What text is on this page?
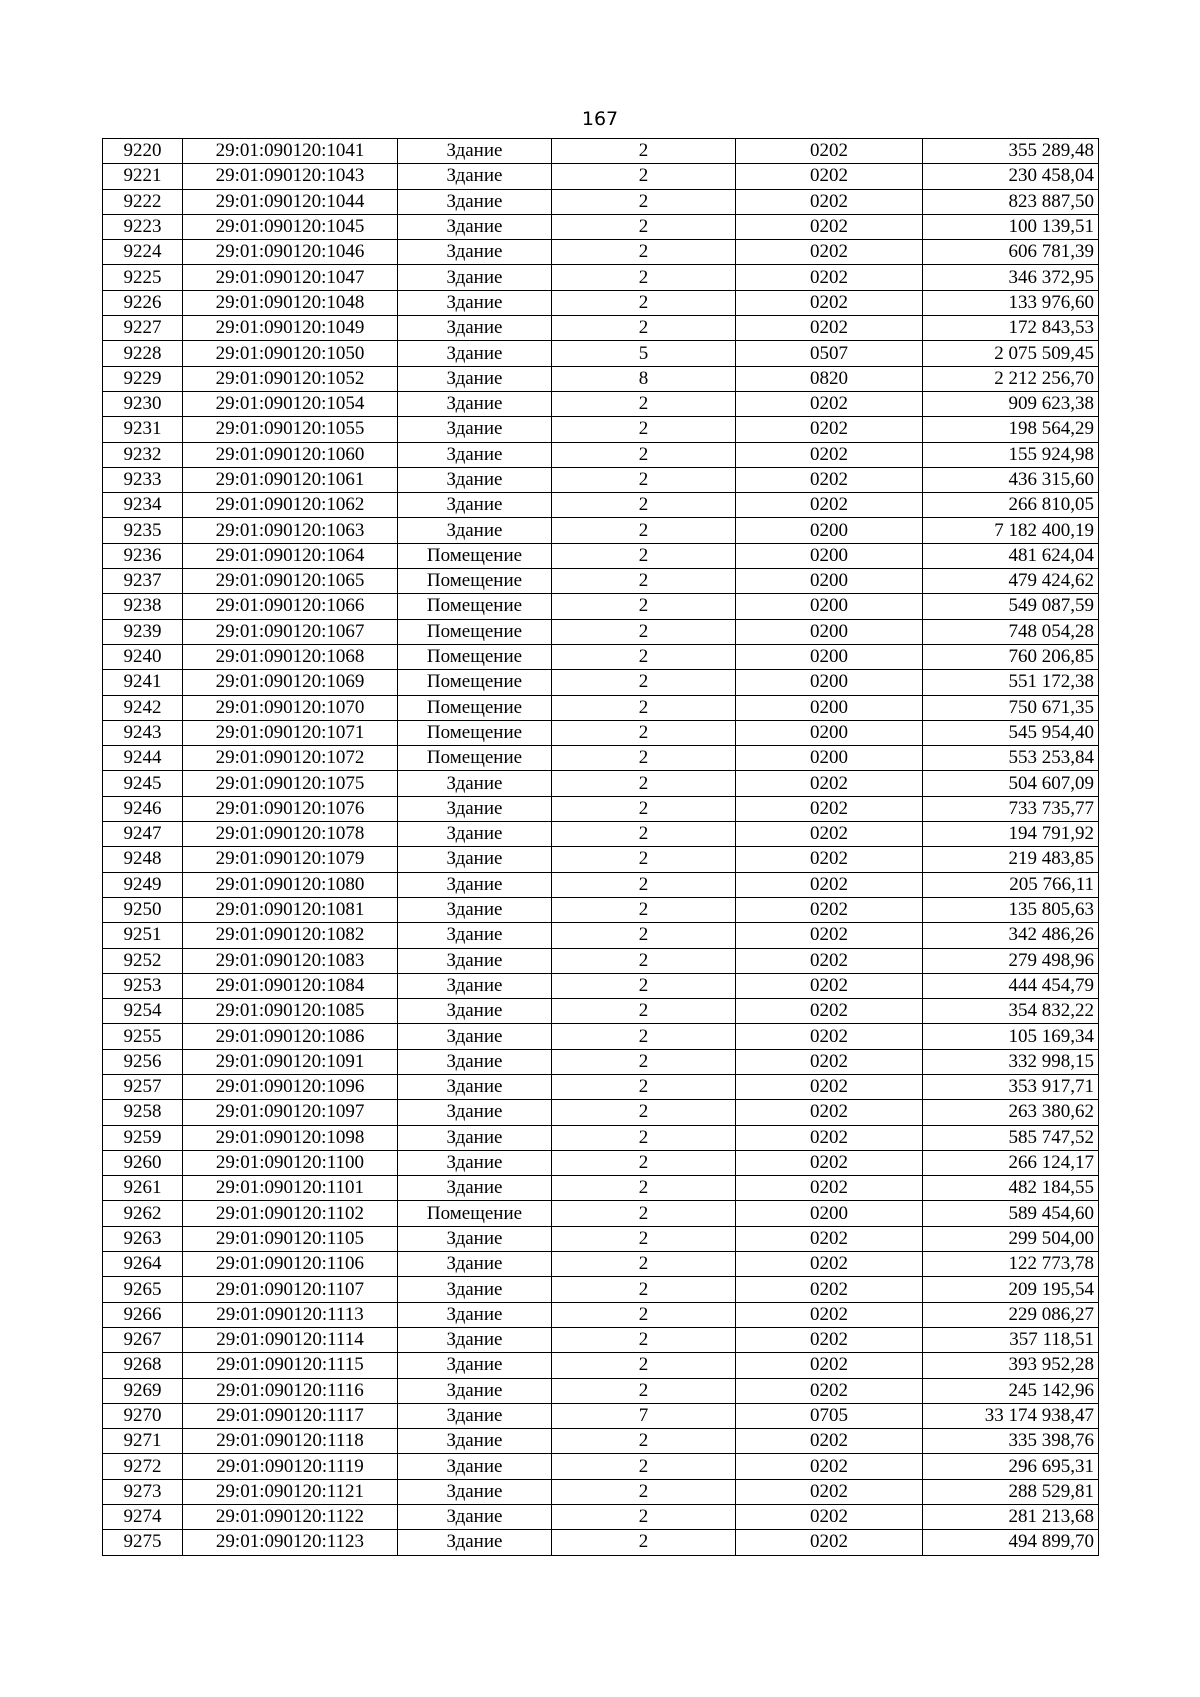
167
9220	29:01:090120:1041	Здание	2	0202	355 289,48
9221	29:01:090120:1043	Здание	2	0202	230 458,04
9222	29:01:090120:1044	Здание	2	0202	823 887,50
9223	29:01:090120:1045	Здание	2	0202	100 139,51
9224	29:01:090120:1046	Здание	2	0202	606 781,39
9225	29:01:090120:1047	Здание	2	0202	346 372,95
9226	29:01:090120:1048	Здание	2	0202	133 976,60
9227	29:01:090120:1049	Здание	2	0202	172 843,53
9228	29:01:090120:1050	Здание	5	0507	2 075 509,45
9229	29:01:090120:1052	Здание	8	0820	2 212 256,70
9230	29:01:090120:1054	Здание	2	0202	909 623,38
9231	29:01:090120:1055	Здание	2	0202	198 564,29
9232	29:01:090120:1060	Здание	2	0202	155 924,98
9233	29:01:090120:1061	Здание	2	0202	436 315,60
9234	29:01:090120:1062	Здание	2	0202	266 810,05
9235	29:01:090120:1063	Здание	2	0200	7 182 400,19
9236	29:01:090120:1064	Помещение	2	0200	481 624,04
9237	29:01:090120:1065	Помещение	2	0200	479 424,62
9238	29:01:090120:1066	Помещение	2	0200	549 087,59
9239	29:01:090120:1067	Помещение	2	0200	748 054,28
9240	29:01:090120:1068	Помещение	2	0200	760 206,85
9241	29:01:090120:1069	Помещение	2	0200	551 172,38
9242	29:01:090120:1070	Помещение	2	0200	750 671,35
9243	29:01:090120:1071	Помещение	2	0200	545 954,40
9244	29:01:090120:1072	Помещение	2	0200	553 253,84
9245	29:01:090120:1075	Здание	2	0202	504 607,09
9246	29:01:090120:1076	Здание	2	0202	733 735,77
9247	29:01:090120:1078	Здание	2	0202	194 791,92
9248	29:01:090120:1079	Здание	2	0202	219 483,85
9249	29:01:090120:1080	Здание	2	0202	205 766,11
9250	29:01:090120:1081	Здание	2	0202	135 805,63
9251	29:01:090120:1082	Здание	2	0202	342 486,26
9252	29:01:090120:1083	Здание	2	0202	279 498,96
9253	29:01:090120:1084	Здание	2	0202	444 454,79
9254	29:01:090120:1085	Здание	2	0202	354 832,22
9255	29:01:090120:1086	Здание	2	0202	105 169,34
9256	29:01:090120:1091	Здание	2	0202	332 998,15
9257	29:01:090120:1096	Здание	2	0202	353 917,71
9258	29:01:090120:1097	Здание	2	0202	263 380,62
9259	29:01:090120:1098	Здание	2	0202	585 747,52
9260	29:01:090120:1100	Здание	2	0202	266 124,17
9261	29:01:090120:1101	Здание	2	0202	482 184,55
9262	29:01:090120:1102	Помещение	2	0200	589 454,60
9263	29:01:090120:1105	Здание	2	0202	299 504,00
9264	29:01:090120:1106	Здание	2	0202	122 773,78
9265	29:01:090120:1107	Здание	2	0202	209 195,54
9266	29:01:090120:1113	Здание	2	0202	229 086,27
9267	29:01:090120:1114	Здание	2	0202	357 118,51
9268	29:01:090120:1115	Здание	2	0202	393 952,28
9269	29:01:090120:1116	Здание	2	0202	245 142,96
9270	29:01:090120:1117	Здание	7	0705	33 174 938,47
9271	29:01:090120:1118	Здание	2	0202	335 398,76
9272	29:01:090120:1119	Здание	2	0202	296 695,31
9273	29:01:090120:1121	Здание	2	0202	288 529,81
9274	29:01:090120:1122	Здание	2	0202	281 213,68
9275	29:01:090120:1123	Здание	2	0202	494 899,70
